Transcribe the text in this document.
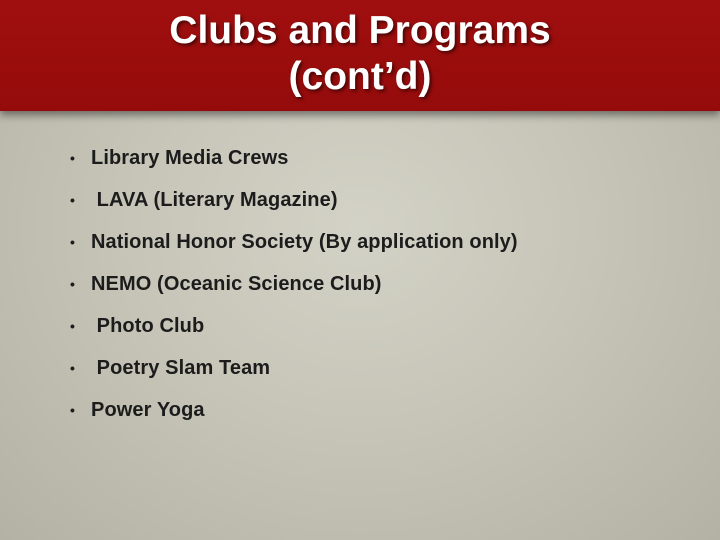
Clubs and Programs
(cont’d)
• Library Media Crews
• LAVA (Literary Magazine)
• National Honor Society (By application only)
• NEMO (Oceanic Science Club)
• Photo Club
• Poetry Slam Team
• Power Yoga
